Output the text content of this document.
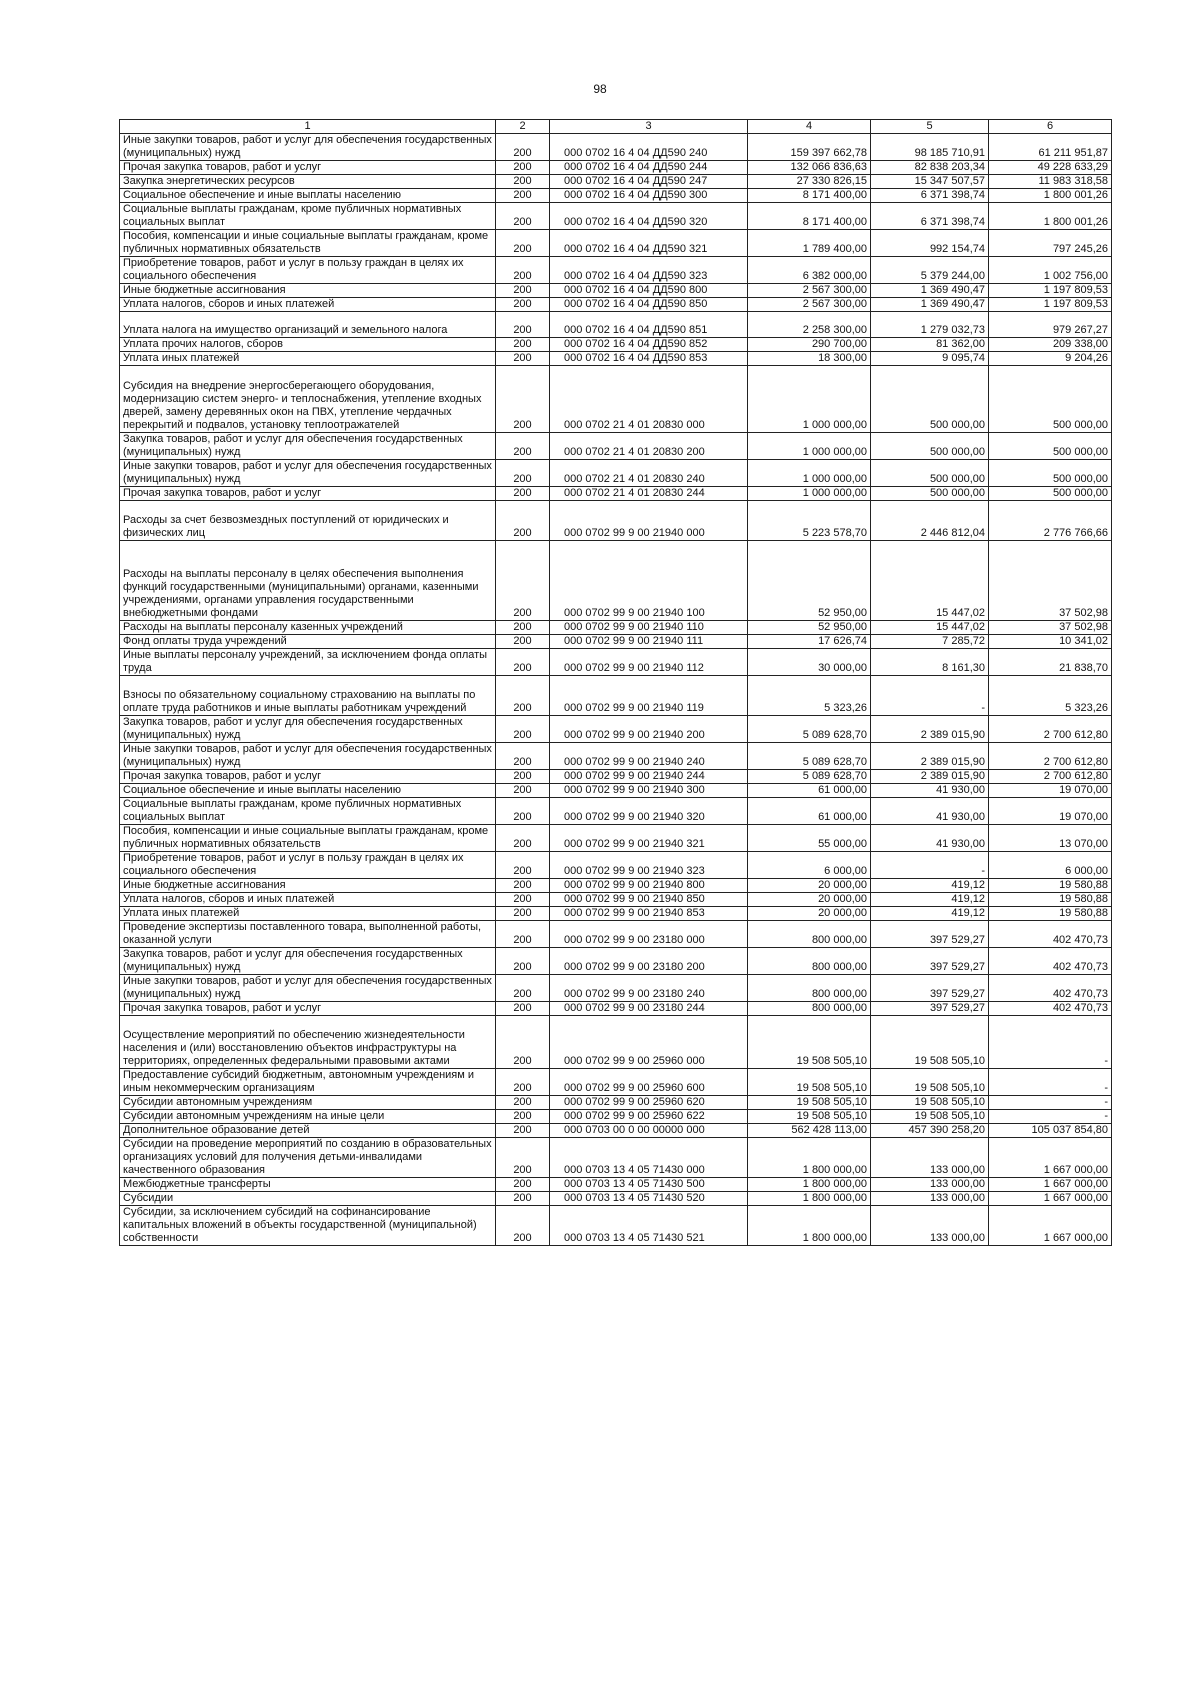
98
1	2	3	4	5	6
Иные закупки товаров, работ и услуг для обеспечения государственных (муниципальных) нужд	200	000 0702 16 4 04 ДД590 240	159 397 662,78	98 185 710,91	61 211 951,87
Прочая закупка товаров, работ и услуг	200	000 0702 16 4 04 ДД590 244	132 066 836,63	82 838 203,34	49 228 633,29
Закупка энергетических ресурсов	200	000 0702 16 4 04 ДД590 247	27 330 826,15	15 347 507,57	11 983 318,58
Социальное обеспечение и иные выплаты населению	200	000 0702 16 4 04 ДД590 300	8 171 400,00	6 371 398,74	1 800 001,26
Социальные выплаты гражданам, кроме публичных нормативных социальных выплат	200	000 0702 16 4 04 ДД590 320	8 171 400,00	6 371 398,74	1 800 001,26
Пособия, компенсации и иные социальные выплаты гражданам, кроме публичных нормативных обязательств	200	000 0702 16 4 04 ДД590 321	1 789 400,00	992 154,74	797 245,26
Приобретение товаров, работ и услуг в пользу граждан в целях их социального обеспечения	200	000 0702 16 4 04 ДД590 323	6 382 000,00	5 379 244,00	1 002 756,00
Иные бюджетные ассигнования	200	000 0702 16 4 04 ДД590 800	2 567 300,00	1 369 490,47	1 197 809,53
Уплата налогов, сборов и иных платежей	200	000 0702 16 4 04 ДД590 850	2 567 300,00	1 369 490,47	1 197 809,53
Уплата налога на имущество организаций и земельного налога	200	000 0702 16 4 04 ДД590 851	2 258 300,00	1 279 032,73	979 267,27
Уплата прочих налогов, сборов	200	000 0702 16 4 04 ДД590 852	290 700,00	81 362,00	209 338,00
Уплата иных платежей	200	000 0702 16 4 04 ДД590 853	18 300,00	9 095,74	9 204,26
Субсидия на внедрение энергосберегающего оборудования, модернизацию систем энерго- и теплоснабжения, утепление входных дверей, замену деревянных окон на ПВХ, утепление чердачных перекрытий и подвалов, установку теплоотражателей	200	000 0702 21 4 01 20830 000	1 000 000,00	500 000,00	500 000,00
Закупка товаров, работ и услуг для обеспечения государственных (муниципальных) нужд	200	000 0702 21 4 01 20830 200	1 000 000,00	500 000,00	500 000,00
Иные закупки товаров, работ и услуг для обеспечения государственных (муниципальных) нужд	200	000 0702 21 4 01 20830 240	1 000 000,00	500 000,00	500 000,00
Прочая закупка товаров, работ и услуг	200	000 0702 21 4 01 20830 244	1 000 000,00	500 000,00	500 000,00
Расходы за счет безвозмездных поступлений от юридических и физических лиц	200	000 0702 99 9 00 21940 000	5 223 578,70	2 446 812,04	2 776 766,66
Расходы на выплаты персоналу в целях обеспечения выполнения функций государственными (муниципальными) органами, казенными учреждениями, органами управления государственными внебюджетными фондами	200	000 0702 99 9 00 21940 100	52 950,00	15 447,02	37 502,98
Расходы на выплаты персоналу казенных учреждений	200	000 0702 99 9 00 21940 110	52 950,00	15 447,02	37 502,98
Фонд оплаты труда учреждений	200	000 0702 99 9 00 21940 111	17 626,74	7 285,72	10 341,02
Иные выплаты персоналу учреждений, за исключением фонда оплаты труда	200	000 0702 99 9 00 21940 112	30 000,00	8 161,30	21 838,70
Взносы по обязательному социальному страхованию на выплаты по оплате труда работников и иные выплаты работникам учреждений	200	000 0702 99 9 00 21940 119	5 323,26	-	5 323,26
Закупка товаров, работ и услуг для обеспечения государственных (муниципальных) нужд	200	000 0702 99 9 00 21940 200	5 089 628,70	2 389 015,90	2 700 612,80
Иные закупки товаров, работ и услуг для обеспечения государственных (муниципальных) нужд	200	000 0702 99 9 00 21940 240	5 089 628,70	2 389 015,90	2 700 612,80
Прочая закупка товаров, работ и услуг	200	000 0702 99 9 00 21940 244	5 089 628,70	2 389 015,90	2 700 612,80
Социальное обеспечение и иные выплаты населению	200	000 0702 99 9 00 21940 300	61 000,00	41 930,00	19 070,00
Социальные выплаты гражданам, кроме публичных нормативных социальных выплат	200	000 0702 99 9 00 21940 320	61 000,00	41 930,00	19 070,00
Пособия, компенсации и иные социальные выплаты гражданам, кроме публичных нормативных обязательств	200	000 0702 99 9 00 21940 321	55 000,00	41 930,00	13 070,00
Приобретение товаров, работ и услуг в пользу граждан в целях их социального обеспечения	200	000 0702 99 9 00 21940 323	6 000,00	-	6 000,00
Иные бюджетные ассигнования	200	000 0702 99 9 00 21940 800	20 000,00	419,12	19 580,88
Уплата налогов, сборов и иных платежей	200	000 0702 99 9 00 21940 850	20 000,00	419,12	19 580,88
Уплата иных платежей	200	000 0702 99 9 00 21940 853	20 000,00	419,12	19 580,88
Проведение экспертизы поставленного товара, выполненной работы, оказанной услуги	200	000 0702 99 9 00 23180 000	800 000,00	397 529,27	402 470,73
Закупка товаров, работ и услуг для обеспечения государственных (муниципальных) нужд	200	000 0702 99 9 00 23180 200	800 000,00	397 529,27	402 470,73
Иные закупки товаров, работ и услуг для обеспечения государственных (муниципальных) нужд	200	000 0702 99 9 00 23180 240	800 000,00	397 529,27	402 470,73
Прочая закупка товаров, работ и услуг	200	000 0702 99 9 00 23180 244	800 000,00	397 529,27	402 470,73
Осуществление мероприятий по обеспечению жизнедеятельности населения и (или) восстановлению объектов инфраструктуры на территориях, определенных федеральными правовыми актами	200	000 0702 99 9 00 25960 000	19 508 505,10	19 508 505,10	-
Предоставление субсидий бюджетным, автономным учреждениям и иным некоммерческим организациям	200	000 0702 99 9 00 25960 600	19 508 505,10	19 508 505,10	-
Субсидии автономным учреждениям	200	000 0702 99 9 00 25960 620	19 508 505,10	19 508 505,10	-
Субсидии автономным учреждениям на иные цели	200	000 0702 99 9 00 25960 622	19 508 505,10	19 508 505,10	-
Дополнительное образование детей	200	000 0703 00 0 00 00000 000	562 428 113,00	457 390 258,20	105 037 854,80
Субсидии на проведение мероприятий по созданию в образовательных организациях условий для получения детьми-инвалидами качественного образования	200	000 0703 13 4 05 71430 000	1 800 000,00	133 000,00	1 667 000,00
Межбюджетные трансферты	200	000 0703 13 4 05 71430 500	1 800 000,00	133 000,00	1 667 000,00
Субсидии	200	000 0703 13 4 05 71430 520	1 800 000,00	133 000,00	1 667 000,00
Субсидии, за исключением субсидий на софинансирование капитальных вложений в объекты государственной (муниципальной) собственности	200	000 0703 13 4 05 71430 521	1 800 000,00	133 000,00	1 667 000,00
